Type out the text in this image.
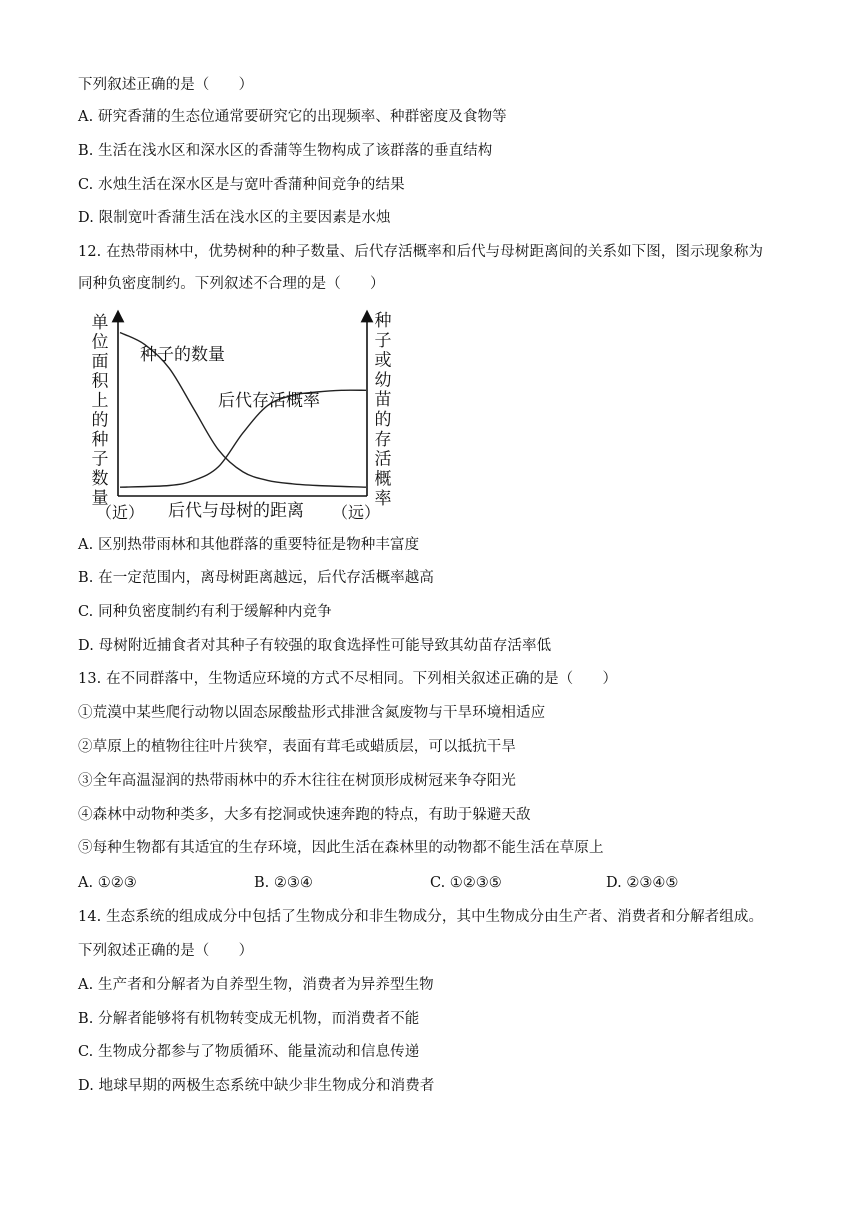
下列叙述正确的是（　　）
A. 研究香蒲的生态位通常要研究它的出现频率、种群密度及食物等
B. 生活在浅水区和深水区的香蒲等生物构成了该群落的垂直结构
C. 水烛生活在深水区是与宽叶香蒲种间竞争的结果
D. 限制宽叶香蒲生活在浅水区的主要因素是水烛
12. 在热带雨林中，优势树种的种子数量、后代存活概率和后代与母树距离间的关系如下图，图示现象称为
同种负密度制约。下列叙述不合理的是（　　）
单
位
面
积
上
的
种
子
数
量
种
子
或
幼
苗
的
存
活
概
率
种子的数量
后代存活概率
（近） 后代与母树的距离 （远）
A. 区别热带雨林和其他群落的重要特征是物种丰富度
B. 在一定范围内，离母树距离越远，后代存活概率越高
C. 同种负密度制约有利于缓解种内竞争
D. 母树附近捕食者对其种子有较强的取食选择性可能导致其幼苗存活率低
13. 在不同群落中，生物适应环境的方式不尽相同。下列相关叙述正确的是（　　）
①荒漠中某些爬行动物以固态尿酸盐形式排泄含氮废物与干旱环境相适应
②草原上的植物往往叶片狭窄，表面有茸毛或蜡质层，可以抵抗干旱
③全年高温湿润的热带雨林中的乔木往往在树顶形成树冠来争夺阳光
④森林中动物种类多，大多有挖洞或快速奔跑的特点，有助于躲避天敌
⑤每种生物都有其适宜的生存环境，因此生活在森林里的动物都不能生活在草原上
A. ①②③	B. ②③④	C. ①②③⑤	D. ②③④⑤
14. 生态系统的组成成分中包括了生物成分和非生物成分，其中生物成分由生产者、消费者和分解者组成。
下列叙述正确的是（　　）
A. 生产者和分解者为自养型生物，消费者为异养型生物
B. 分解者能够将有机物转变成无机物，而消费者不能
C. 生物成分都参与了物质循环、能量流动和信息传递
D. 地球早期的两极生态系统中缺少非生物成分和消费者
